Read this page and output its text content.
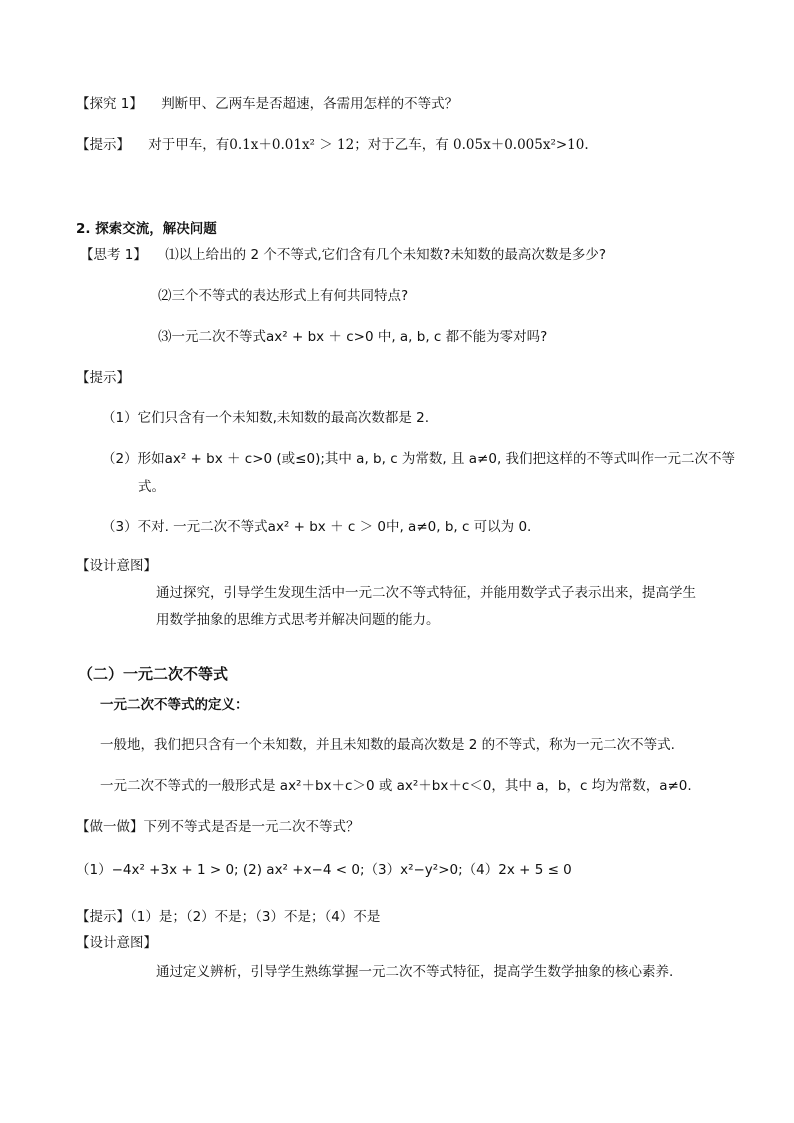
【探究 1】 判断甲、乙两车是否超速，各需用怎样的不等式？
【提示】 对于甲车，有0.1x＋0.01x² ＞ 12；对于乙车，有 0.05x＋0.005x²>10.
2. 探索交流，解决问题
【思考 1】 ⑴以上给出的 2 个不等式,它们含有几个未知数?未知数的最高次数是多少?
⑵三个不等式的表达形式上有何共同特点?
⑶一元二次不等式ax² + bx ＋ c>0 中, a, b, c 都不能为零对吗?
【提示】
（1）它们只含有一个未知数,未知数的最高次数都是 2.
（2）形如ax² + bx ＋ c>0 (或≤0);其中 a, b, c 为常数, 且 a≠0, 我们把这样的不等式叫作一元二次不等
式。
（3）不对. 一元二次不等式ax² + bx ＋ c ＞ 0中, a≠0, b, c 可以为 0.
【设计意图】
通过探究，引导学生发现生活中一元二次不等式特征，并能用数学式子表示出来，提高学生
用数学抽象的思维方式思考并解决问题的能力。
（二）一元二次不等式
一元二次不等式的定义：
一般地，我们把只含有一个未知数，并且未知数的最高次数是 2 的不等式，称为一元二次不等式.
一元二次不等式的一般形式是 ax²＋bx＋c＞0 或 ax²＋bx＋c＜0，其中 a，b，c 均为常数，a≠0.
【做一做】下列不等式是否是一元二次不等式？
（1）−4x² +3x + 1 > 0; (2) ax² +x−4 < 0;（3）x²−y²>0;（4）2x + 5 ≤ 0
【提示】（1）是；（2）不是；（3）不是；（4）不是
【设计意图】
通过定义辨析，引导学生熟练掌握一元二次不等式特征，提高学生数学抽象的核心素养.
